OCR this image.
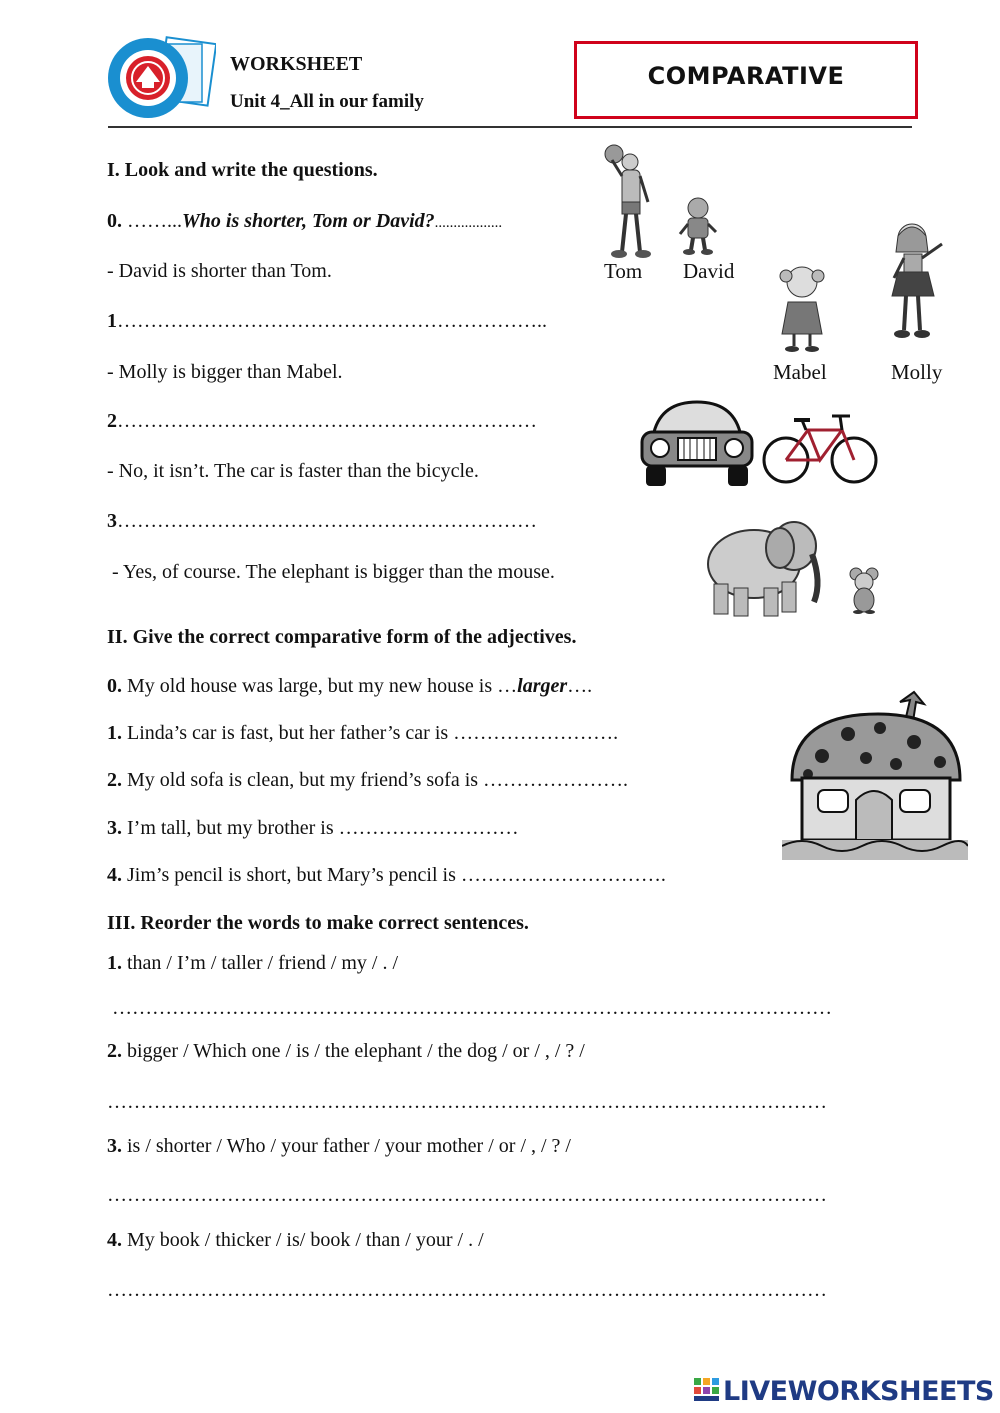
WORKSHEET
Unit 4_All in our family
COMPARATIVE
I. Look and write the questions.
0. ……...Who is shorter, Tom or David?..................
- David is shorter than Tom.
1………………………………………………………..
- Molly is bigger than Mabel.
2………………………………………………………
- No, it isn’t. The car is faster than the bicycle.
3………………………………………………………
- Yes, of course. The elephant is bigger than the mouse.
Tom David
Mabel	Molly
II. Give the correct comparative form of the adjectives.
0. My old house was large, but my new house is …larger….
1. Linda’s car is fast, but her father’s car is …………………….
2. My old sofa is clean, but my friend’s sofa is ………………….
3. I’m tall, but my brother is ………………………
4. Jim’s pencil is short, but Mary’s pencil is ………………………….
III. Reorder the words to make correct sentences.
1. than / I’m / taller / friend / my / . /
………………………………………………………………………………………………
2. bigger / Which one / is / the elephant / the dog / or / , / ? /
………………………………………………………………………………………………
3. is / shorter / Who / your father / your mother / or / , / ? /
………………………………………………………………………………………………
4. My book / thicker / is/ book / than / your / . /
………………………………………………………………………………………………
LIVEWORKSHEETS
